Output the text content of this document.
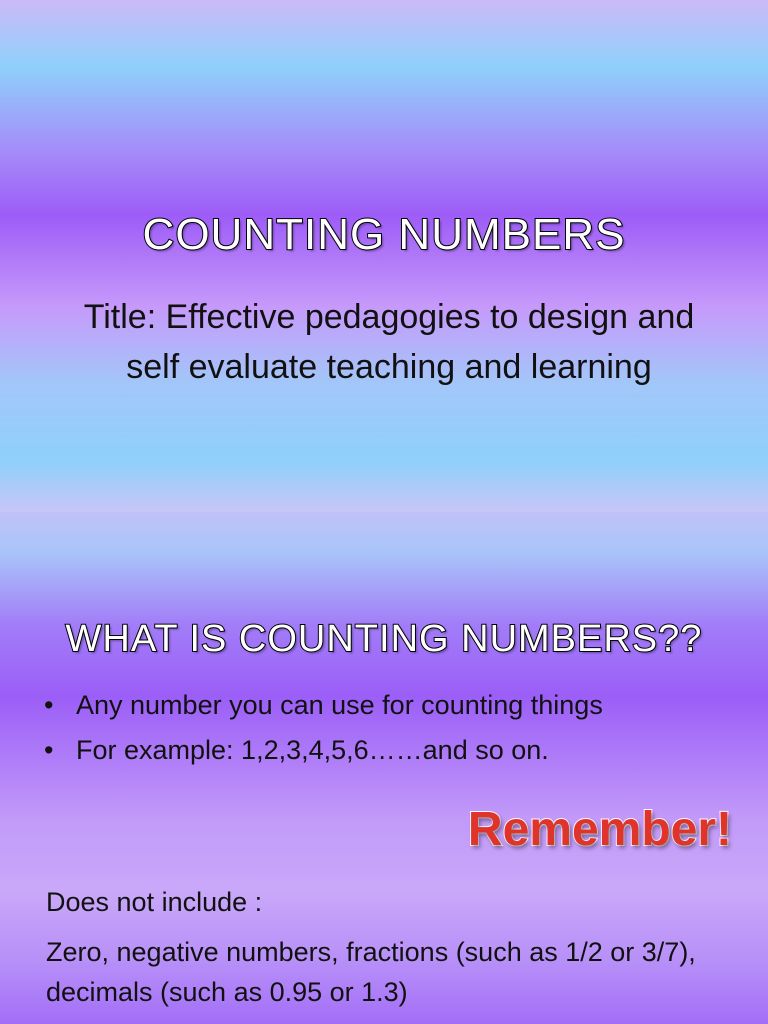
COUNTING NUMBERS
Title: Effective pedagogies to design and self evaluate teaching and learning
WHAT IS COUNTING NUMBERS??
• Any number you can use for counting things
• For example: 1,2,3,4,5,6……and so on.
Remember!
Does not include :
Zero, negative numbers, fractions (such as 1/2 or 3/7), decimals (such as 0.95 or 1.3)
